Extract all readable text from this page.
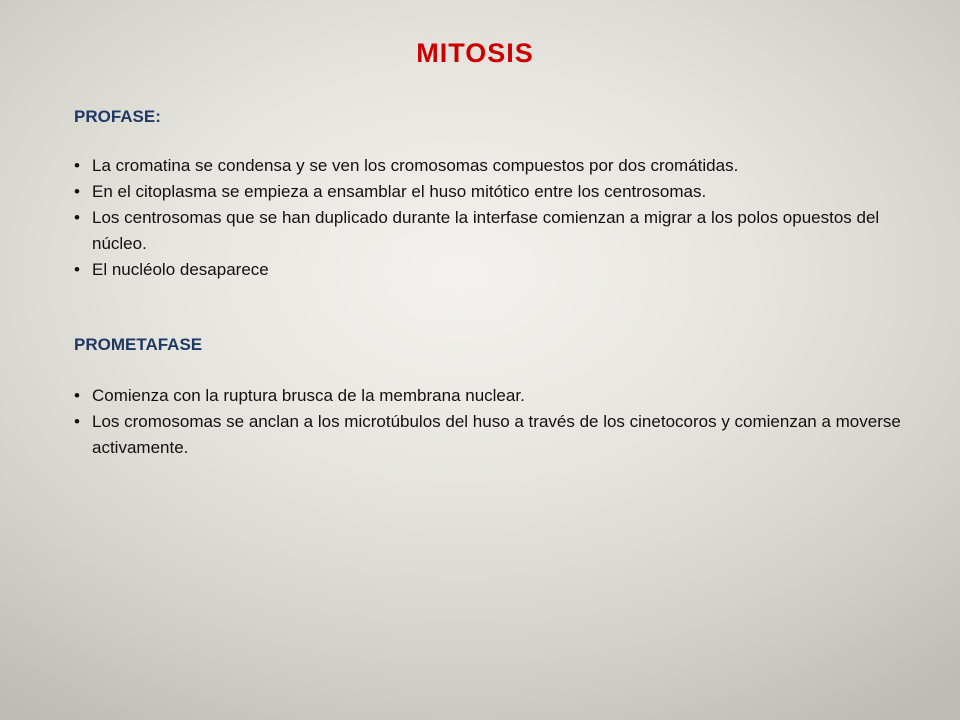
MITOSIS
PROFASE:
• La cromatina se condensa y se ven los cromosomas compuestos por dos cromátidas.
• En el citoplasma se empieza a ensamblar el huso mitótico entre los centrosomas.
• Los centrosomas que se han duplicado durante la interfase comienzan a migrar a los polos opuestos del núcleo.
• El nucléolo desaparece
PROMETAFASE
• Comienza con la ruptura brusca de la membrana nuclear.
• Los cromosomas se anclan a los microtúbulos del huso a través de los cinetocoros y comienzan a moverse activamente.
